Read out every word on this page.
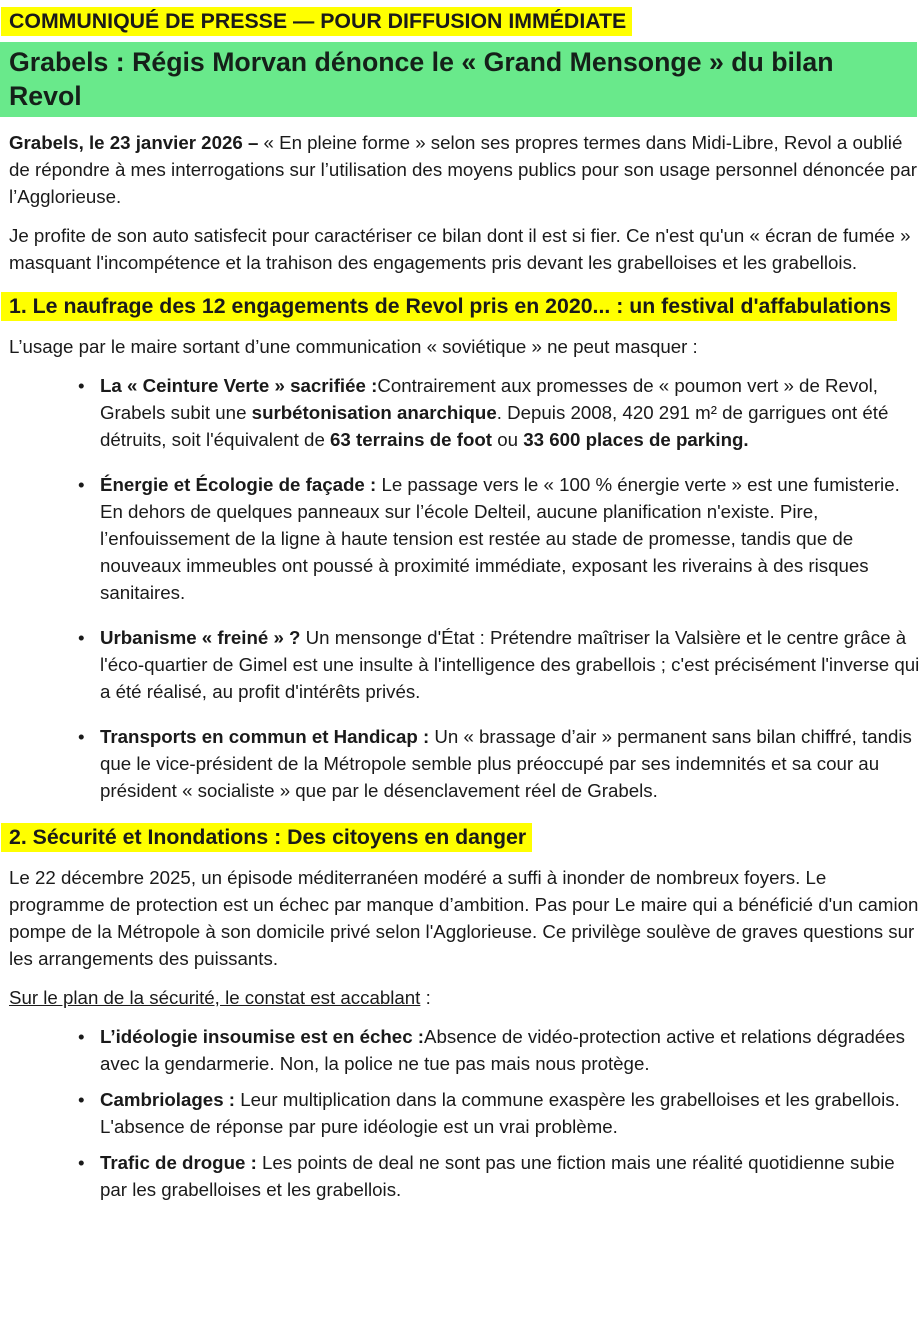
COMMUNIQUÉ DE PRESSE — POUR DIFFUSION IMMÉDIATE
Grabels : Régis Morvan dénonce le « Grand Mensonge » du bilan Revol
Grabels, le 23 janvier 2026 – « En pleine forme » selon ses propres termes dans Midi-Libre, Revol a oublié de répondre à mes interrogations sur l’utilisation des moyens publics pour son usage personnel dénoncée par l’Agglorieuse.
Je profite de son auto satisfecit pour caractériser ce bilan dont il est si fier. Ce n'est qu'un « écran de fumée » masquant l'incompétence et la trahison des engagements pris devant les grabelloises et les grabellois.
1. Le naufrage des 12 engagements de Revol pris en 2020... : un festival d'affabulations
L’usage par le maire sortant d’une communication « soviétique » ne peut masquer :
• La « Ceinture Verte » sacrifiée :Contrairement aux promesses de « poumon vert » de Revol, Grabels subit une surbétonisation anarchique. Depuis 2008, 420 291 m² de garrigues ont été détruits, soit l'équivalent de 63 terrains de foot ou 33 600 places de parking.
• Énergie et Écologie de façade : Le passage vers le « 100 % énergie verte » est une fumisterie. En dehors de quelques panneaux sur l’école Delteil, aucune planification n'existe. Pire, l’enfouissement de la ligne à haute tension est restée au stade de promesse, tandis que de nouveaux immeubles ont poussé à proximité immédiate, exposant les riverains à des risques sanitaires.
• Urbanisme « freiné » ? Un mensonge d'État : Prétendre maîtriser la Valsière et le centre grâce à l'éco-quartier de Gimel est une insulte à l'intelligence des grabellois ; c'est précisément l'inverse qui a été réalisé, au profit d'intérêts privés.
• Transports en commun et Handicap : Un « brassage d’air » permanent sans bilan chiffré, tandis que le vice-président de la Métropole semble plus préoccupé par ses indemnités et sa cour au président « socialiste » que par le désenclavement réel de Grabels.
2. Sécurité et Inondations : Des citoyens en danger
Le 22 décembre 2025, un épisode méditerranéen modéré a suffi à inonder de nombreux foyers. Le programme de protection est un échec par manque d’ambition. Pas pour Le maire qui a bénéficié d'un camion pompe de la Métropole à son domicile privé selon l'Agglorieuse. Ce privilège soulève de graves questions sur les arrangements des puissants.
Sur le plan de la sécurité, le constat est accablant :
• L’idéologie insoumise est en échec :Absence de vidéo-protection active et relations dégradées avec la gendarmerie. Non, la police ne tue pas mais nous protège.
• Cambriolages : Leur multiplication dans la commune exaspère les grabelloises et les grabellois. L'absence de réponse par pure idéologie est un vrai problème.
• Trafic de drogue : Les points de deal ne sont pas une fiction mais une réalité quotidienne subie par les grabelloises et les grabellois.
